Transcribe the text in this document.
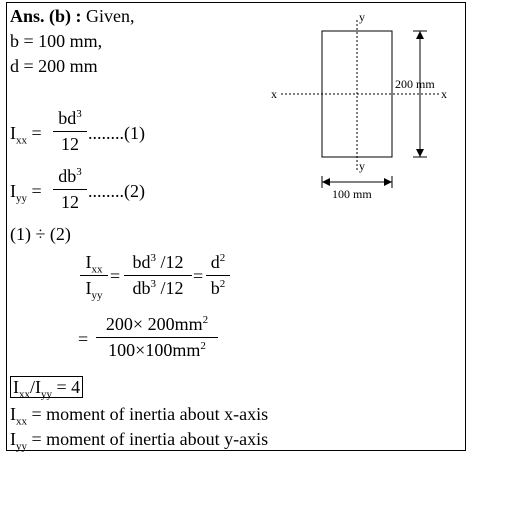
Ans. (b) : Given,
b = 100 mm,
d = 200 mm
$I_{xx}$ =
$bd^3$
12
........(1)
$I_{yy}$ =
$db^3$
12
........(2)
(1) ÷ (2)
$I_{xx}$
$I_{yy}$
=
$bd^3$ /12
$db^3$ /12
=
$d^2$
$b^2$
=
$200\times 200mm^2$
$100\times 100mm^2$
$I_{xx}/I_{yy} = 4$
$I_{xx}$ = moment of inertia about x-axis
$I_{yy}$ = moment of inertia about y-axis
x	x
y
y
200 mm
100 mm
